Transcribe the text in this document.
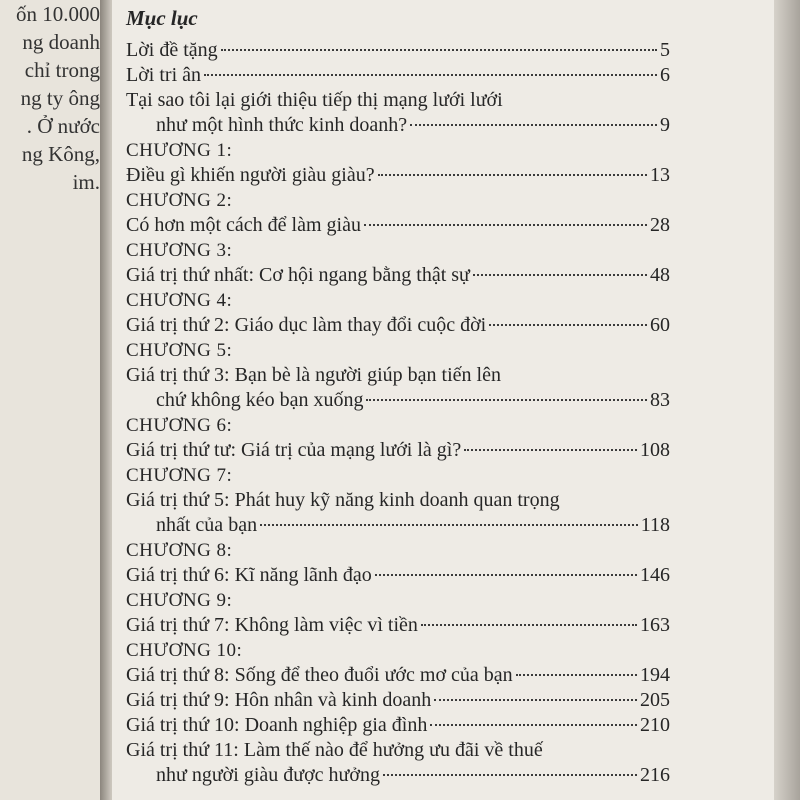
ốn 10.000
ng doanh
chỉ trong
ng ty ông
. Ở nước
ng Kông,
im.
Mục lục
Lời đề tặng	5
Lời tri ân	6
Tại sao tôi lại giới thiệu tiếp thị mạng lưới lưới
như một hình thức kinh doanh?	9
CHƯƠNG 1:
Điều gì khiến người giàu giàu?	13
CHƯƠNG 2:
Có hơn một cách để làm giàu	28
CHƯƠNG 3:
Giá trị thứ nhất: Cơ hội ngang bằng thật sự	48
CHƯƠNG 4:
Giá trị thứ 2: Giáo dục làm thay đổi cuộc đời	60
CHƯƠNG 5:
Giá trị thứ 3: Bạn bè là người giúp bạn tiến lên
chứ không kéo bạn xuống	83
CHƯƠNG 6:
Giá trị thứ tư: Giá trị của mạng lưới là gì?	108
CHƯƠNG 7:
Giá trị thứ 5: Phát huy kỹ năng kinh doanh quan trọng
nhất của bạn	118
CHƯƠNG 8:
Giá trị thứ 6: Kĩ năng lãnh đạo	146
CHƯƠNG 9:
Giá trị thứ 7: Không làm việc vì tiền	163
CHƯƠNG 10:
Giá trị thứ 8: Sống để theo đuổi ước mơ của bạn	194
Giá trị thứ 9: Hôn nhân và kinh doanh	205
Giá trị thứ 10: Doanh nghiệp gia đình	210
Giá trị thứ 11: Làm thế nào để hưởng ưu đãi về thuế
như người giàu được hưởng	216
